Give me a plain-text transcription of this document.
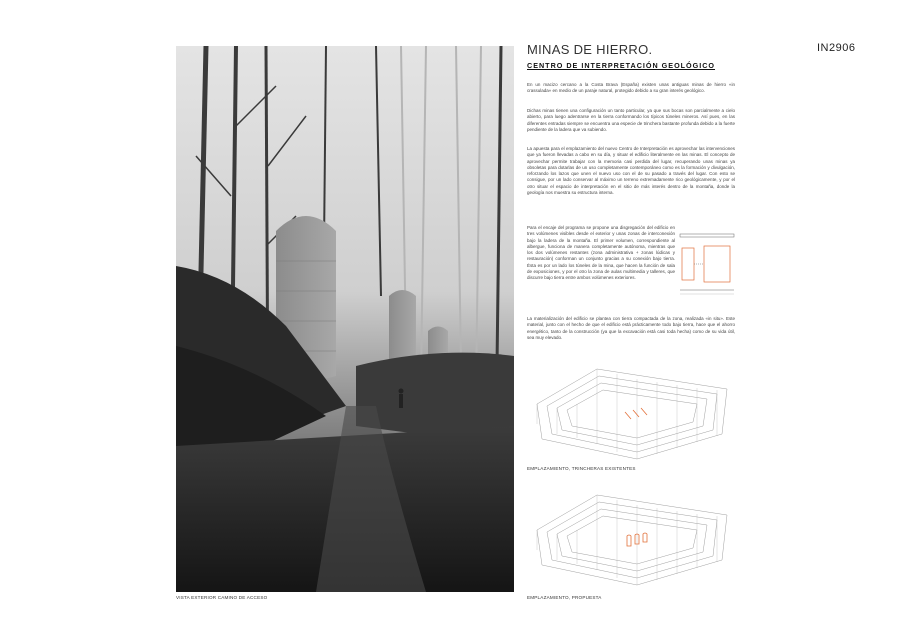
VISTA EXTERIOR CAMINO DE ACCESO
MINAS DE HIERRO.
CENTRO DE INTERPRETACIÓN GEOLÓGICO
IN2906

En un macizo cercano a la Costa Brava (España) existen unas antiguas minas de hierro «in crassulada» en medio de un paraje natural, protegido debido a su gran interés geológico.

Dichas minas tienen una configuración un tanto particular, ya que sus bocas son parcialmente a cielo abierto, para luego adentrarse en la tierra conformando los típicos túneles mineros. Así pues, en las diferentes entradas siempre se encuentra una especie de trinchera bastante profunda debido a la fuerte pendiente de la ladera que va subiendo.

La apuesta para el emplazamiento del nuevo Centro de Interpretación es aprovechar las intervenciones que ya fueron llevadas a cabo en su día, y situar el edificio literalmente en las minas. El concepto de aprovechar permite trabajar con la memoria casi perdida del lugar, recuperando unas minas ya obsoletas para dotarlas de un uso completamente contemporáneo como es la formación y divulgación, reforzando los lazos que unen el nuevo uso con el de su pasado a través del lugar. Con esto se consigue, por un lado conservar al máximo un terreno extremadamente rico geológicamente, y por el otro situar el espacio de interpretación en el sitio de más interés dentro de la montaña, donde la geología nos muestra su estructura interna.

Para el encaje del programa se propone una disgregación del edificio en tres volúmenes visibles desde el exterior y unas zonas de interconexión bajo la ladera de la montaña. El primer volumen, correspondiente al albergue, funciona de manera completamente autónoma, mientras que los dos volúmenes restantes (zona administrativa + zonas lúdicas y restauración) conforman un conjunto gracias a su conexión bajo tierra. Ésta es por un lado los túneles de la mina, que hacen la función de sala de exposiciones, y por el otro la zona de aulas multimedia y talleres, que discurre bajo tierra entre ambos volúmenes exteriores.

La materialización del edificio se plantea con tierra compactada de la zona, realizada «in situ». Este material, junto con el hecho de que el edificio está prácticamente todo bajo tierra, hace que el ahorro energético, tanto de la construcción (ya que la excavación está casi toda hecha) como de su vida útil, sea muy elevado.

EMPLAZAMIENTO, TRINCHERAS EXISTENTES
EMPLAZAMIENTO, PROPUESTA
